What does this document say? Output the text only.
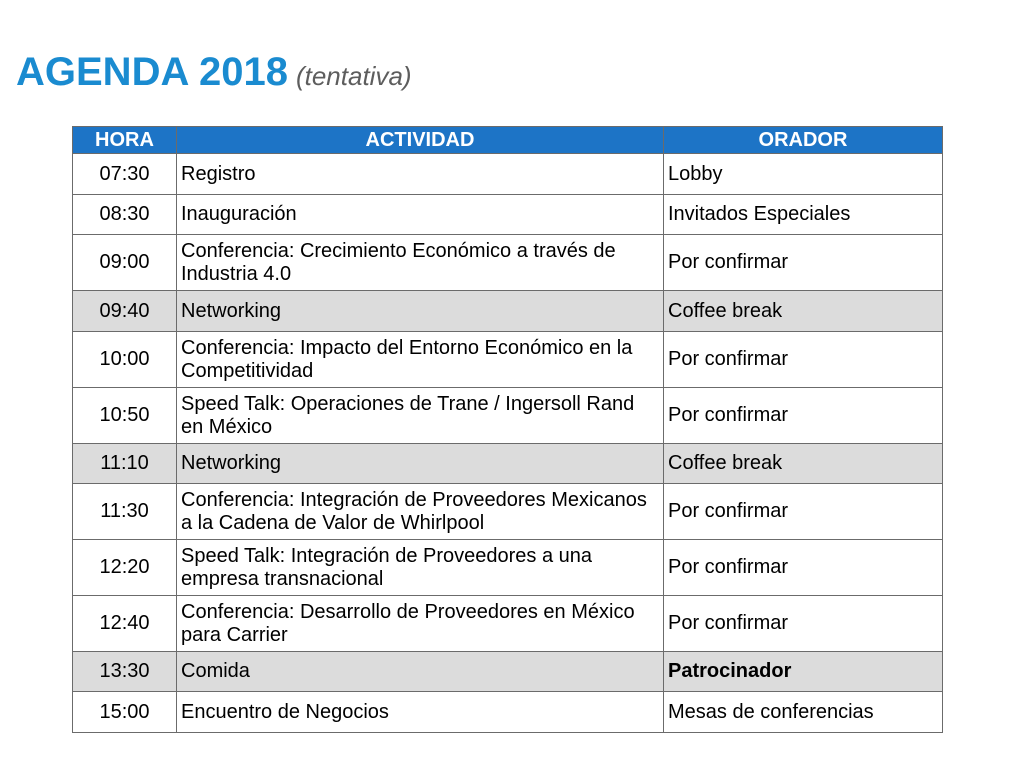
AGENDA 2018 (tentativa)
HORA	ACTIVIDAD	ORADOR
07:30	Registro	Lobby
08:30	Inauguración	Invitados Especiales
09:00	Conferencia: Crecimiento Económico a través de Industria 4.0	Por confirmar
09:40	Networking	Coffee break
10:00	Conferencia: Impacto del Entorno Económico en la Competitividad	Por confirmar
10:50	Speed Talk: Operaciones de Trane / Ingersoll Rand en México	Por confirmar
11:10	Networking	Coffee break
11:30	Conferencia: Integración de Proveedores Mexicanos a la Cadena de Valor de Whirlpool	Por confirmar
12:20	Speed Talk: Integración de Proveedores a una empresa transnacional	Por confirmar
12:40	Conferencia: Desarrollo de Proveedores en México para Carrier	Por confirmar
13:30	Comida	Patrocinador
15:00	Encuentro de Negocios	Mesas de conferencias
